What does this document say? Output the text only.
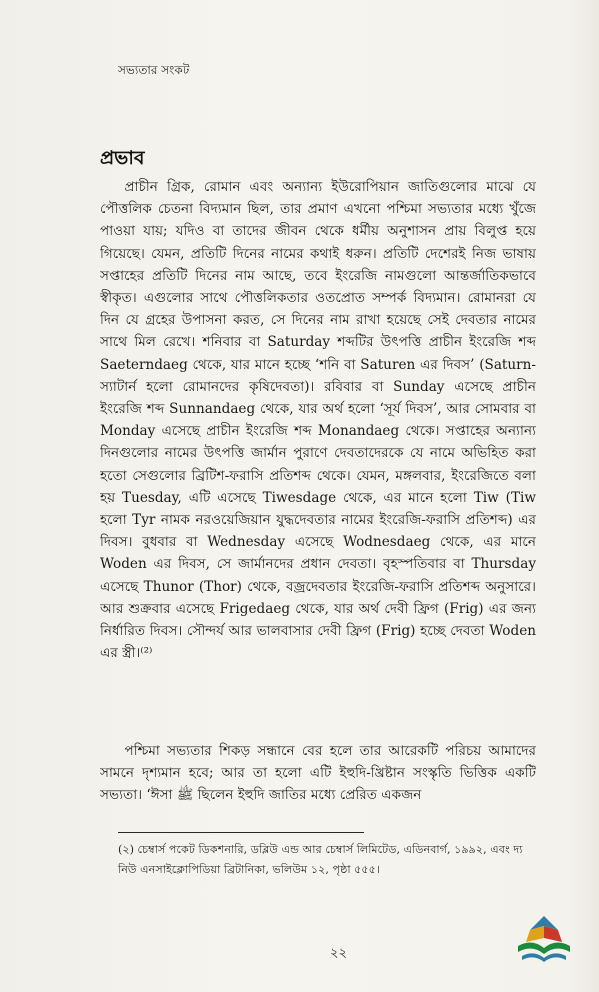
সভ্যতার সংকট
প্রভাব

প্রাচীন গ্রিক, রোমান এবং অন্যান্য ইউরোপিয়ান জাতিগুলোর মাঝে যে পৌত্তলিক চেতনা বিদ্যমান ছিল, তার প্রমাণ এখনো পশ্চিমা সভ্যতার মধ্যে খুঁজে পাওয়া যায়; যদিও বা তাদের জীবন থেকে ধর্মীয় অনুশাসন প্রায় বিলুপ্ত হয়ে গিয়েছে। যেমন, প্রতিটি দিনের নামের কথাই ধরুন। প্রতিটি দেশেরই নিজ ভাষায় সপ্তাহের প্রতিটি দিনের নাম আছে, তবে ইংরেজি নামগুলো আন্তর্জাতিকভাবে স্বীকৃত। এগুলোর সাথে পৌত্তলিকতার ওতপ্রোত সম্পর্ক বিদ্যমান। রোমানরা যে দিন যে গ্রহের উপাসনা করত, সে দিনের নাম রাখা হয়েছে সেই দেবতার নামের সাথে মিল রেখে। শনিবার বা Saturday শব্দটির উৎপত্তি প্রাচীন ইংরেজি শব্দ Saeterndaeg থেকে, যার মানে হচ্ছে ‘শনি বা Saturen এর দিবস’ (Saturn-স্যাটার্ন হলো রোমানদের কৃষিদেবতা)। রবিবার বা Sunday এসেছে প্রাচীন ইংরেজি শব্দ Sunnandaeg থেকে, যার অর্থ হলো ‘সূর্য দিবস’, আর সোমবার বা Monday এসেছে প্রাচীন ইংরেজি শব্দ Monandaeg থেকে। সপ্তাহের অন্যান্য দিনগুলোর নামের উৎপত্তি জার্মান পুরাণে দেবতাদেরকে যে নামে অভিহিত করা হতো সেগুলোর ব্রিটিশ-ফরাসি প্রতিশব্দ থেকে। যেমন, মঙ্গলবার, ইংরেজিতে বলা হয় Tuesday, এটি এসেছে Tiwesdage থেকে, এর মানে হলো Tiw (Tiw হলো Tyr নামক নরওয়েজিয়ান যুদ্ধদেবতার নামের ইংরেজি-ফরাসি প্রতিশব্দ) এর দিবস। বুধবার বা Wednesday এসেছে Wodnesdaeg থেকে, এর মানে Woden এর দিবস, সে জার্মানদের প্রধান দেবতা। বৃহস্পতিবার বা Thursday এসেছে Thunor (Thor) থেকে, বজ্রদেবতার ইংরেজি-ফরাসি প্রতিশব্দ অনুসারে। আর শুক্রবার এসেছে Frigedaeg থেকে, যার অর্থ দেবী ফ্রিগ (Frig) এর জন্য নির্ধারিত দিবস। সৌন্দর্য আর ভালবাসার দেবী ফ্রিগ (Frig) হচ্ছে দেবতা Woden এর স্ত্রী।⁽²⁾

পশ্চিমা সভ্যতার শিকড় সন্ধানে বের হলে তার আরেকটি পরিচয় আমাদের সামনে দৃশ্যমান হবে; আর তা হলো এটি ইহুদি-খ্রিষ্টান সংস্কৃতি ভিত্তিক একটি সভ্যতা। ‘ঈসা ﷺ ছিলেন ইহুদি জাতির মধ্যে প্রেরিত একজন

(২) চেম্বার্স পকেট ডিকশনারি, ডব্লিউ এন্ড আর চেম্বার্স লিমিটেড, এডিনবার্গ, ১৯৯২, এবং দ্য নিউ এনসাইক্লোপিডিয়া ব্রিটানিকা, ভলিউম ১২, পৃষ্ঠা ৫৫৫।

২২
